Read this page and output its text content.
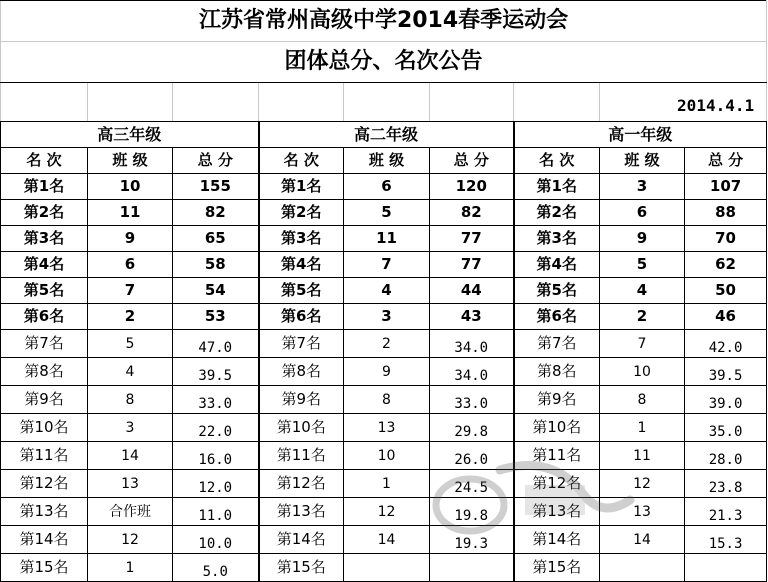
江苏省常州高级中学2014春季运动会								
团体总分、名次公告								
							2014.4.1	
高三年级			高二年级			高一年级		
名 次	班 级	总 分	名 次	班 级	总 分	名 次	班 级	总 分
第1名	10	155	第1名	6	120	第1名	3	107
第2名	11	82	第2名	5	82	第2名	6	88
第3名	9	65	第3名	11	77	第3名	9	70
第4名	6	58	第4名	7	77	第4名	5	62
第5名	7	54	第5名	4	44	第5名	4	50
第6名	2	53	第6名	3	43	第6名	2	46
第7名	5	47.0	第7名	2	34.0	第7名	7	42.0
第8名	4	39.5	第8名	9	34.0	第8名	10	39.5
第9名	8	33.0	第9名	8	33.0	第9名	8	39.0
第10名	3	22.0	第10名	13	29.8	第10名	1	35.0
第11名	14	16.0	第11名	10	26.0	第11名	11	28.0
第12名	13	12.0	第12名	1	24.5	第12名	12	23.8
第13名	合作班	11.0	第13名	12	19.8	第13名	13	21.3
第14名	12	10.0	第14名	14	19.3	第14名	14	15.3
第15名	1	5.0	第15名			第15名		
